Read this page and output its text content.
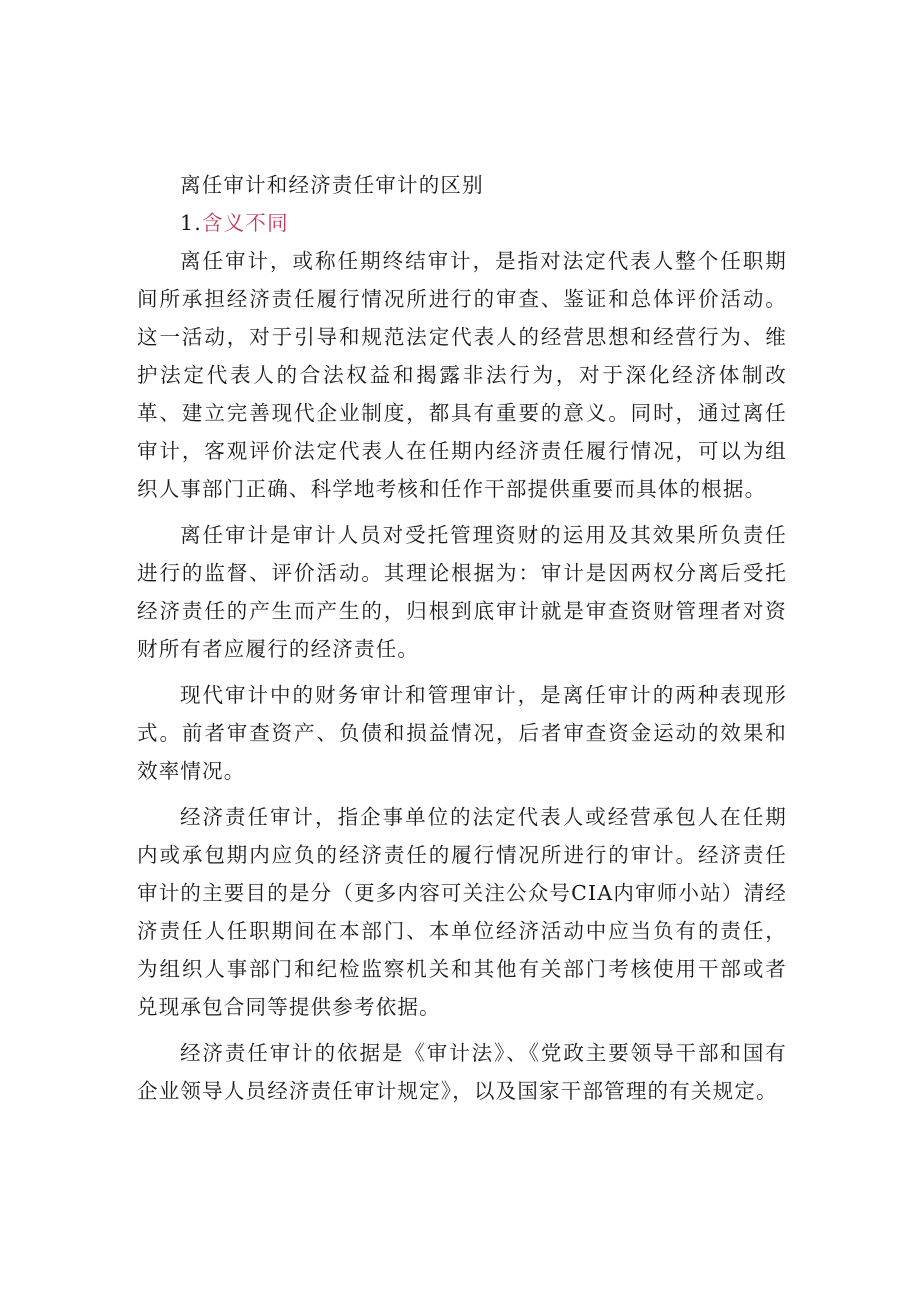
离任审计和经济责任审计的区别
1.含义不同

离任审计，或称任期终结审计，是指对法定代表人整个任职期间所承担经济责任履行情况所进行的审查、鉴证和总体评价活动。这一活动，对于引导和规范法定代表人的经营思想和经营行为、维护法定代表人的合法权益和揭露非法行为，对于深化经济体制改革、建立完善现代企业制度，都具有重要的意义。同时，通过离任审计，客观评价法定代表人在任期内经济责任履行情况，可以为组织人事部门正确、科学地考核和任作干部提供重要而具体的根据。

离任审计是审计人员对受托管理资财的运用及其效果所负责任进行的监督、评价活动。其理论根据为：审计是因两权分离后受托经济责任的产生而产生的，归根到底审计就是审查资财管理者对资财所有者应履行的经济责任。

现代审计中的财务审计和管理审计，是离任审计的两种表现形式。前者审查资产、负债和损益情况，后者审查资金运动的效果和效率情况。

经济责任审计，指企事单位的法定代表人或经营承包人在任期内或承包期内应负的经济责任的履行情况所进行的审计。经济责任审计的主要目的是分（更多内容可关注公众号CIA内审师小站）清经济责任人任职期间在本部门、本单位经济活动中应当负有的责任，为组织人事部门和纪检监察机关和其他有关部门考核使用干部或者兑现承包合同等提供参考依据。

经济责任审计的依据是《审计法》、《党政主要领导干部和国有企业领导人员经济责任审计规定》，以及国家干部管理的有关规定。
